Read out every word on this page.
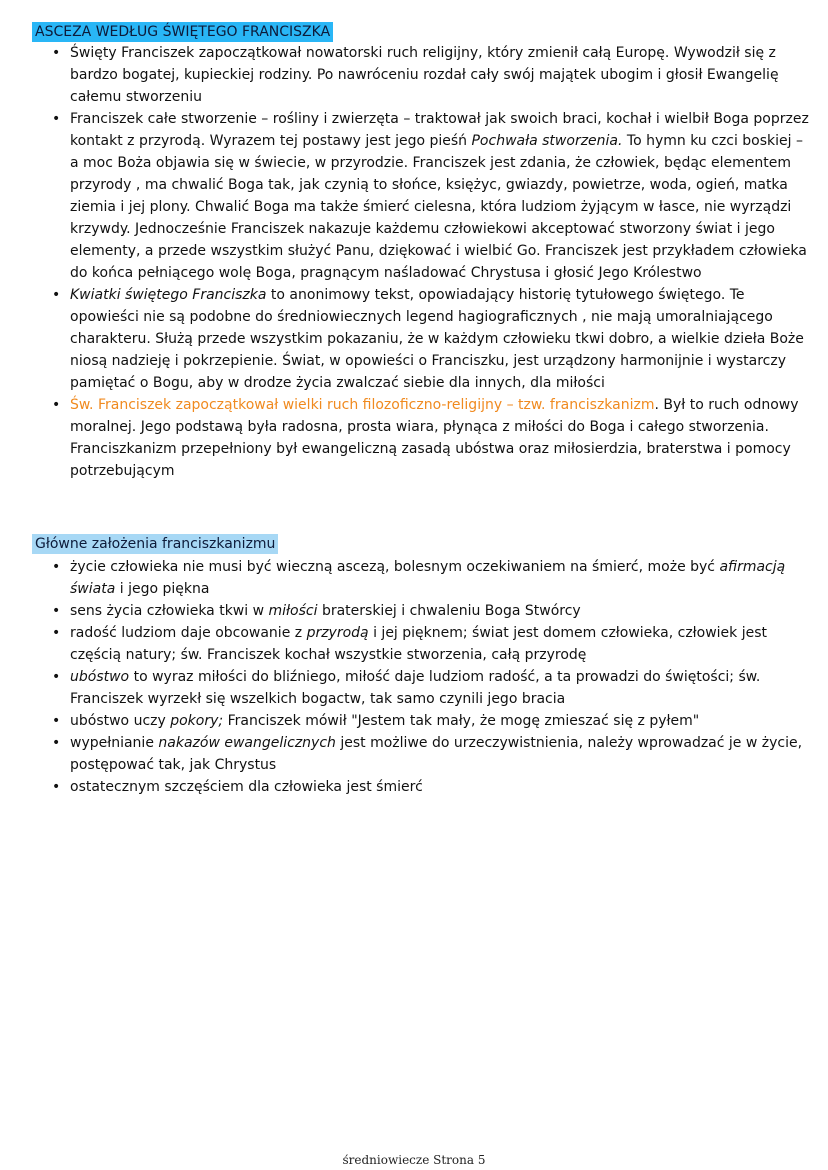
ASCEZA WEDŁUG ŚWIĘTEGO FRANCISZKA
• Święty Franciszek zapoczątkował nowatorski ruch religijny, który zmienił całą Europę. Wywodził się z bardzo bogatej, kupieckiej rodziny. Po nawróceniu rozdał cały swój majątek ubogim i głosił Ewangelię całemu stworzeniu
• Franciszek całe stworzenie – rośliny i zwierzęta – traktował jak swoich braci, kochał i wielbił Boga poprzez kontakt z przyrodą. Wyrazem tej postawy jest jego pieśń Pochwała stworzenia. To hymn ku czci boskiej – a moc Boża objawia się w świecie, w przyrodzie. Franciszek jest zdania, że człowiek, będąc elementem przyrody , ma chwalić Boga tak, jak czynią to słońce, księżyc, gwiazdy, powietrze, woda, ogień, matka ziemia i jej plony. Chwalić Boga ma także śmierć cielesna, która ludziom żyjącym w łasce, nie wyrządzi krzywdy. Jednocześnie Franciszek nakazuje każdemu człowiekowi akceptować stworzony świat i jego elementy, a przede wszystkim służyć Panu, dziękować i wielbić Go. Franciszek jest przykładem człowieka do końca pełniącego wolę Boga, pragnącym naśladować Chrystusa i głosić Jego Królestwo
• Kwiatki świętego Franciszka to anonimowy tekst, opowiadający historię tytułowego świętego. Te opowieści nie są podobne do średniowiecznych legend hagiograficznych , nie mają umoralniającego charakteru. Służą przede wszystkim pokazaniu, że w każdym człowieku tkwi dobro, a wielkie dzieła Boże niosą nadzieję i pokrzepienie. Świat, w opowieści o Franciszku, jest urządzony harmonijnie i wystarczy pamiętać o Bogu, aby w drodze życia zwalczać siebie dla innych, dla miłości
• Św. Franciszek zapoczątkował wielki ruch filozoficzno-religijny – tzw. franciszkanizm. Był to ruch odnowy moralnej. Jego podstawą była radosna, prosta wiara, płynąca z miłości do Boga i całego stworzenia. Franciszkanizm przepełniony był ewangeliczną zasadą ubóstwa oraz miłosierdzia, braterstwa i pomocy potrzebującym
Główne założenia franciszkanizmu
• życie człowieka nie musi być wieczną ascezą, bolesnym oczekiwaniem na śmierć, może być afirmacją świata i jego piękna
• sens życia człowieka tkwi w miłości braterskiej i chwaleniu Boga Stwórcy
• radość ludziom daje obcowanie z przyrodą i jej pięknem; świat jest domem człowieka, człowiek jest częścią natury; św. Franciszek kochał wszystkie stworzenia, całą przyrodę
• ubóstwo to wyraz miłości do bliźniego, miłość daje ludziom radość, a ta prowadzi do świętości; św. Franciszek wyrzekł się wszelkich bogactw, tak samo czynili jego bracia
• ubóstwo uczy pokory; Franciszek mówił "Jestem tak mały, że mogę zmieszać się z pyłem"
• wypełnianie nakazów ewangelicznych jest możliwe do urzeczywistnienia, należy wprowadzać je w życie, postępować tak, jak Chrystus
• ostatecznym szczęściem dla człowieka jest śmierć
średniowiecze Strona 5
